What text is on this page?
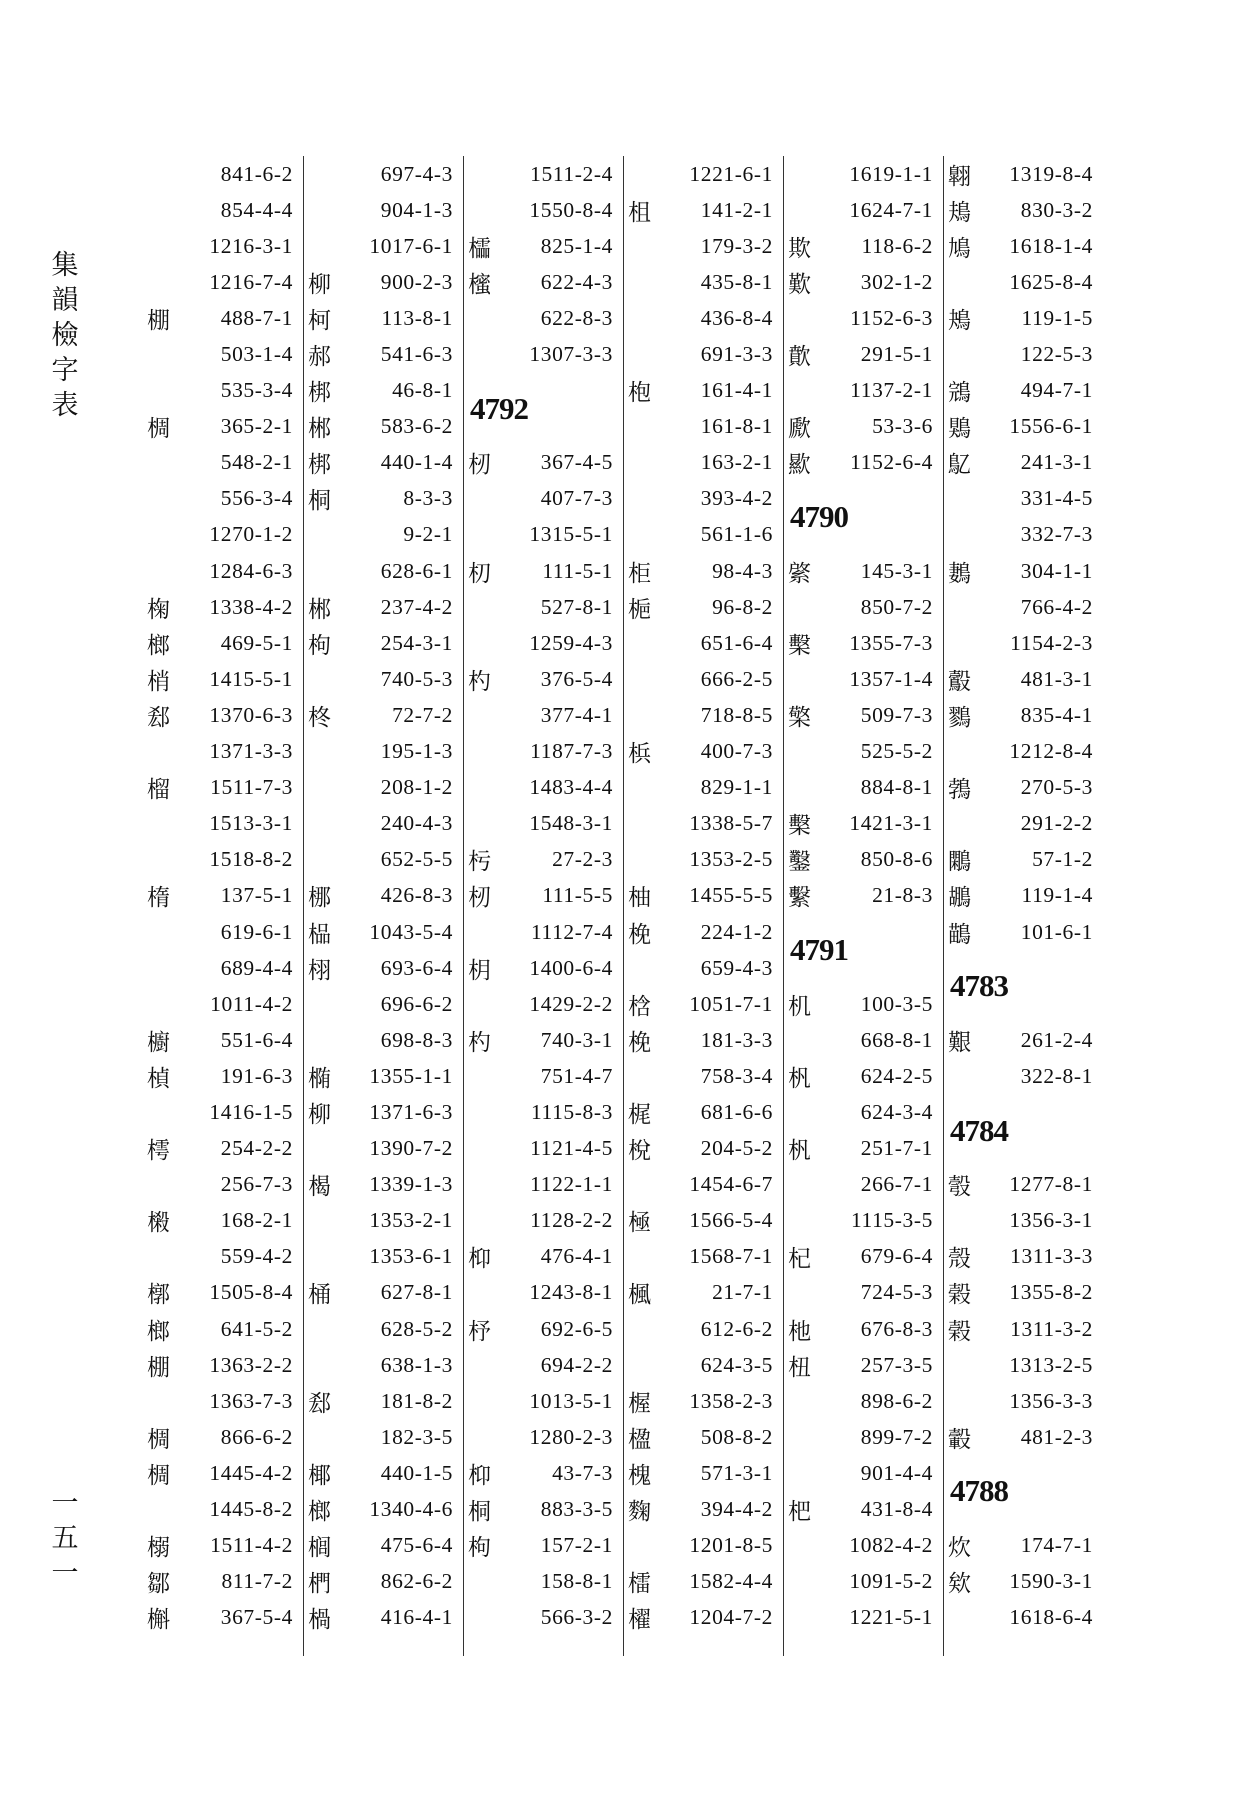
集
韻
檢
字
表
一
五
一
841-6-2
854-4-4
1216-3-1
1216-7-4
棚	488-7-1
503-1-4
535-3-4
椆	365-2-1
548-2-1
556-3-4
1270-1-2
1284-6-3
椈	1338-4-2
榔	469-5-1
梢	1415-5-1
郄	1370-6-3
1371-3-3
榴	1511-7-3
1513-3-1
1518-8-2
楕	137-5-1
619-6-1
689-4-4
1011-4-2
櫥	551-6-4
楨	191-6-3
1416-1-5
樗	254-2-2
256-7-3
樧	168-2-1
559-4-2
槨	1505-8-4
榔	641-5-2
棚	1363-2-2
1363-7-3
椆	866-6-2
椆	1445-4-2
1445-8-2
榒	1511-4-2
鄒	811-7-2
槲	367-5-4
697-4-3
904-1-3
1017-6-1
柳	900-2-3
柯	113-8-1
郝	541-6-3
梆	46-8-1
郴	583-6-2
梆	440-1-4
桐	8-3-3
9-2-1
628-6-1
郴	237-4-2
枸	254-3-1
740-5-3
柊	72-7-2
195-1-3
208-1-2
240-4-3
652-5-5
梛	426-8-3
榀	1043-5-4
栩	693-6-4
696-6-2
698-8-3
椭	1355-1-1
柳	1371-6-3
1390-7-2
楬	1339-1-3
1353-2-1
1353-6-1
桶	627-8-1
628-5-2
638-1-3
郄	181-8-2
182-3-5
椰	440-1-5
榔	1340-4-6
榈	475-6-4
椚	862-6-2
楇	416-4-1
1511-2-4
1550-8-4
櫺	825-1-4
櫁	622-4-3
622-8-3
1307-3-3
4792
杒	367-4-5
407-7-3
1315-5-1
朷	111-5-1
527-8-1
1259-4-3
杓	376-5-4
377-4-1
1187-7-3
1483-4-4
1548-3-1
杇	27-2-3
杒	111-5-5
1112-7-4
枂	1400-6-4
1429-2-2
杓	740-3-1
751-4-7
1115-8-3
1121-4-5
1122-1-1
1128-2-2
枊	476-4-1
1243-8-1
杼	692-6-5
694-2-2
1013-5-1
1280-2-3
枊	43-7-3
桐	883-3-5
枸	157-2-1
158-8-1
566-3-2
1221-6-1
柤	141-2-1
179-3-2
435-8-1
436-8-4
691-3-3
枹	161-4-1
161-8-1
163-2-1
393-4-2
561-1-6
柜	98-4-3
梔	96-8-2
651-6-4
666-2-5
718-8-5
梹	400-7-3
829-1-1
1338-5-7
1353-2-5
柚	1455-5-5
梚	224-1-2
659-4-3
梒	1051-7-1
梚	181-3-3
758-3-4
梶	681-6-6
梲	204-5-2
1454-6-7
極	1566-5-4
1568-7-1
楓	21-7-1
612-6-2
624-3-5
楃	1358-2-3
楹	508-8-2
槐	571-3-1
麴	394-4-2
1201-8-5
檑	1582-4-4
櫂	1204-7-2
1619-1-1
1624-7-1
欺	118-6-2
歎	302-1-2
1152-6-3
歕	291-5-1
1137-2-1
歋	53-3-6
歞	1152-6-4
4790
綮	145-3-1
850-7-2
檕	1355-7-3
1357-1-4
檠	509-7-3
525-5-2
884-8-1
檕	1421-3-1
鑿	850-8-6
繫	21-8-3
4791
机	100-3-5
668-8-1
杋	624-2-5
624-3-4
杋	251-7-1
266-7-1
1115-3-5
杞	679-6-4
724-5-3
杝	676-8-3
杻	257-3-5
898-6-2
899-7-2
901-4-4
杷	431-8-4
1082-4-2
1091-5-2
1221-5-1
翺	1319-8-4
鳺	830-3-2
鳩	1618-1-4
1625-8-4
鴂	119-1-5
122-5-3
鵍	494-7-1
鶪	1556-6-1
鳦	241-3-1
331-4-5
332-7-3
鶈	304-1-1
766-4-2
1154-2-3
鷇	481-3-1
鷚	835-4-1
1212-8-4
鵓	270-5-3
291-2-2
鷴	57-1-2
鶘	119-1-4
鶓	101-6-1
4783
艱	261-2-4
322-8-1
4784
彀	1277-8-1
1356-3-1
殼	1311-3-3
榖	1355-8-2
榖	1311-3-2
1313-2-5
1356-3-3
轂	481-2-3
4788
炊	174-7-1
欸	1590-3-1
1618-6-4
